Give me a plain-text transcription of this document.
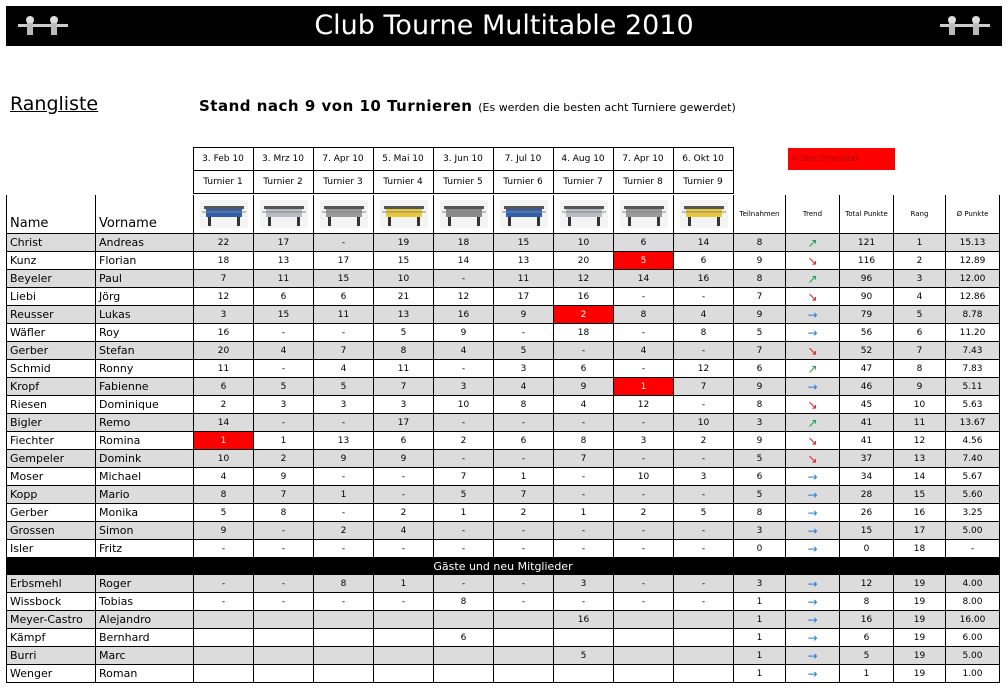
Club Tourne Multitable 2010
Rangliste	Stand nach 9 von 10 Turnieren (Es werden die besten acht Turniere gewerdet)
= Streichresultat
	3. Feb 10	3. Mrz 10	7. Apr 10	5. Mai 10	3. Jun 10	7. Jul 10	4. Aug 10	7. Apr 10	6. Okt 10					
	Turnier 1	Turnier 2	Turnier 3	Turnier 4	Turnier 5	Turnier 6	Turnier 7	Turnier 8	Turnier 9					
Name	Vorname										Teilnahmen	Trend	Total Punkte	Rang	Ø Punkte
Christ	Andreas	22	17	-	19	18	15	10	6	14	8	↗	121	1	15.13
Kunz	Florian	18	13	17	15	14	13	20	5	6	9	↘	116	2	12.89
Beyeler	Paul	7	11	15	10	-	11	12	14	16	8	↗	96	3	12.00
Liebi	Jörg	12	6	6	21	12	17	16	-	-	7	↘	90	4	12.86
Reusser	Lukas	3	15	11	13	16	9	2	8	4	9	→	79	5	8.78
Wäfler	Roy	16	-	-	5	9	-	18	-	8	5	→	56	6	11.20
Gerber	Stefan	20	4	7	8	4	5	-	4	-	7	↘	52	7	7.43
Schmid	Ronny	11	-	4	11	-	3	6	-	12	6	↗	47	8	7.83
Kropf	Fabienne	6	5	5	7	3	4	9	1	7	9	→	46	9	5.11
Riesen	Dominique	2	3	3	3	10	8	4	12	-	8	↘	45	10	5.63
Bigler	Remo	14	-	-	17	-	-	-	-	10	3	↗	41	11	13.67
Fiechter	Romina	1	1	13	6	2	6	8	3	2	9	↘	41	12	4.56
Gempeler	Domink	10	2	9	9	-	-	7	-	-	5	↘	37	13	7.40
Moser	Michael	4	9	-	-	7	1	-	10	3	6	→	34	14	5.67
Kopp	Mario	8	7	1	-	5	7	-	-	-	5	→	28	15	5.60
Gerber	Monika	5	8	-	2	1	2	1	2	5	8	→	26	16	3.25
Grossen	Simon	9	-	2	4	-	-	-	-	-	3	→	15	17	5.00
Isler	Fritz	-	-	-	-	-	-	-	-	-	0	→	0	18	-
Gäste und neu Mitglieder															
Erbsmehl	Roger	-	-	8	1	-	-	3	-	-	3	→	12	19	4.00
Wissbock	Tobias	-	-	-	-	8	-	-	-	-	1	→	8	19	8.00
Meyer-Castro	Alejandro							16			1	→	16	19	16.00
Kämpf	Bernhard					6					1	→	6	19	6.00
Burri	Marc							5			1	→	5	19	5.00
Wenger	Roman										1	→	1	19	1.00
